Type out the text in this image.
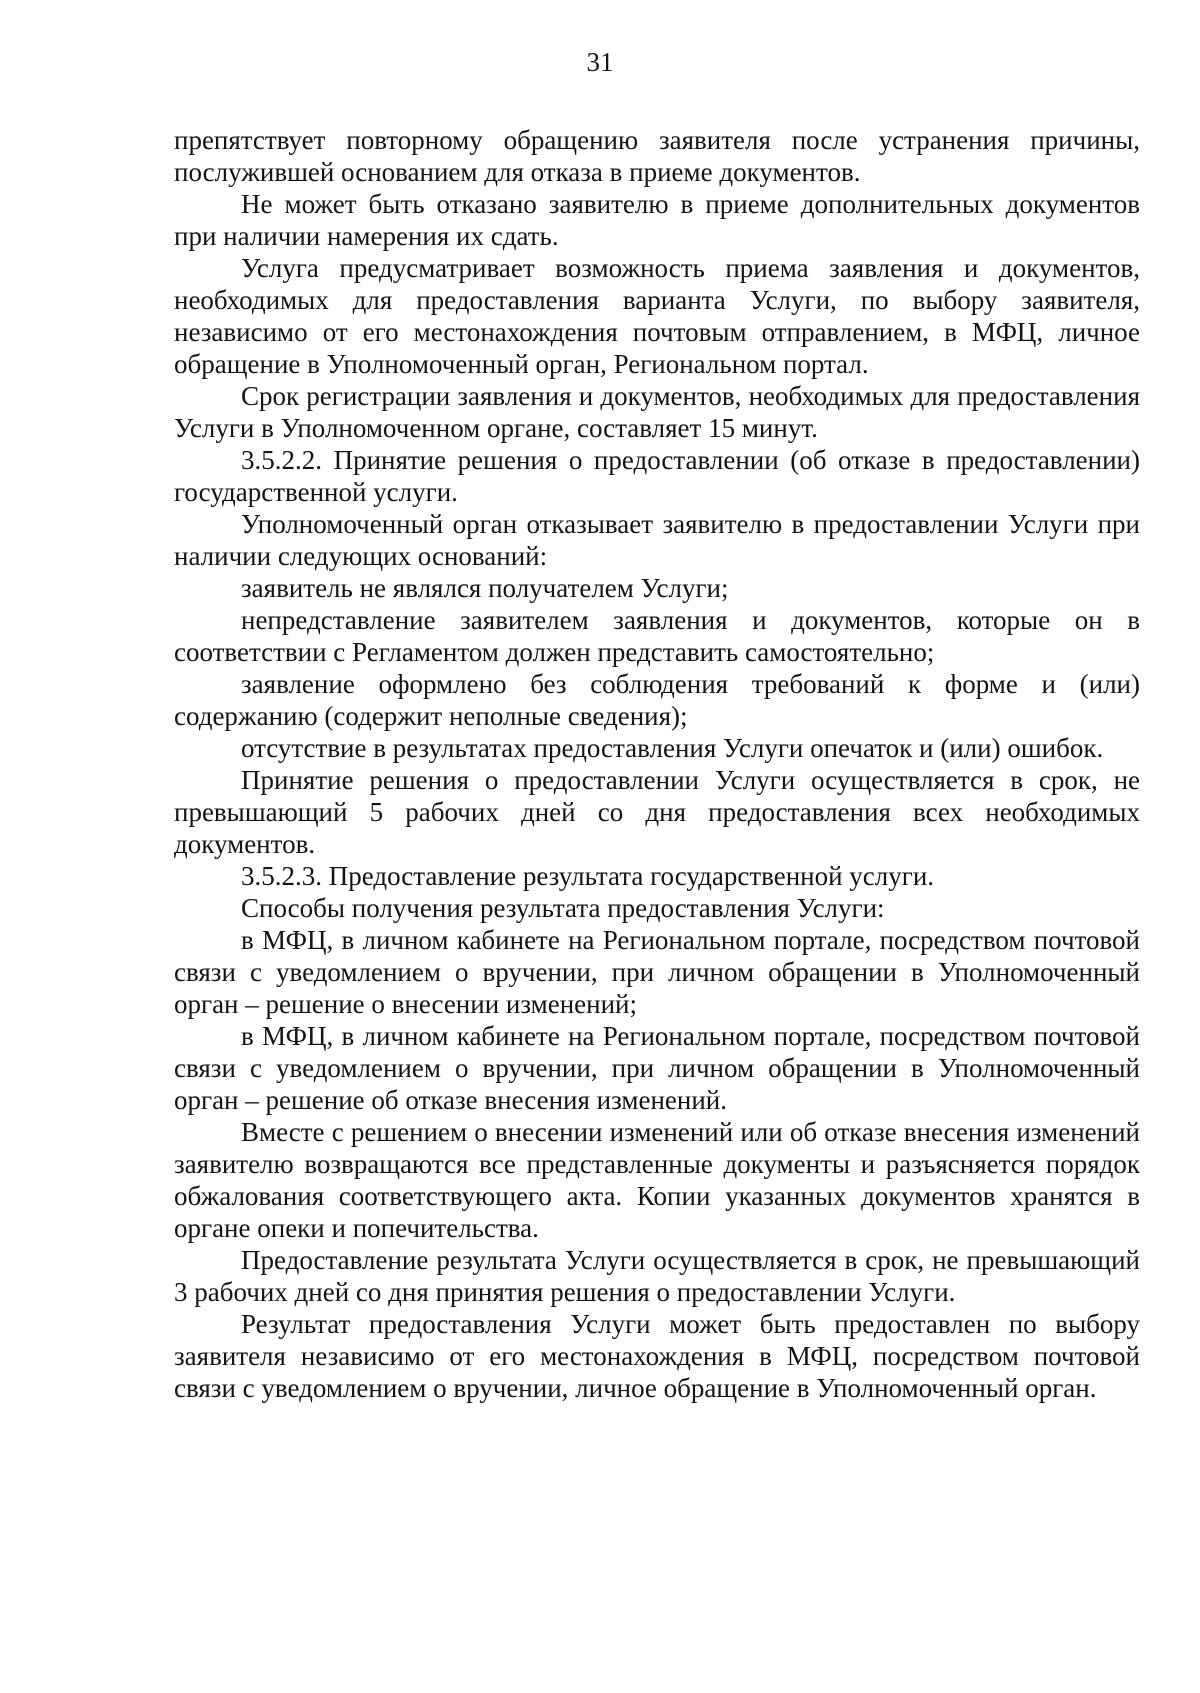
31

препятствует повторному обращению заявителя после устранения причины, послужившей основанием для отказа в приеме документов.

Не может быть отказано заявителю в приеме дополнительных документов при наличии намерения их сдать.

Услуга предусматривает возможность приема заявления и документов, необходимых для предоставления варианта Услуги, по выбору заявителя, независимо от его местонахождения почтовым отправлением, в МФЦ, личное обращение в Уполномоченный орган, Региональном портал.

Срок регистрации заявления и документов, необходимых для предоставления Услуги в Уполномоченном органе, составляет 15 минут.

3.5.2.2. Принятие решения о предоставлении (об отказе в предоставлении) государственной услуги.

Уполномоченный орган отказывает заявителю в предоставлении Услуги при наличии следующих оснований:

заявитель не являлся получателем Услуги;

непредставление заявителем заявления и документов, которые он в соответствии с Регламентом должен представить самостоятельно;

заявление оформлено без соблюдения требований к форме и (или) содержанию (содержит неполные сведения);

отсутствие в результатах предоставления Услуги опечаток и (или) ошибок.

Принятие решения о предоставлении Услуги осуществляется в срок, не превышающий 5 рабочих дней со дня предоставления всех необходимых документов.

3.5.2.3. Предоставление результата государственной услуги.

Способы получения результата предоставления Услуги:

в МФЦ, в личном кабинете на Региональном портале, посредством почтовой связи с уведомлением о вручении, при личном обращении в Уполномоченный орган – решение о внесении изменений;

в МФЦ, в личном кабинете на Региональном портале, посредством почтовой связи с уведомлением о вручении, при личном обращении в Уполномоченный орган – решение об отказе внесения изменений.

Вместе с решением о внесении изменений или об отказе внесения изменений заявителю возвращаются все представленные документы и разъясняется порядок обжалования соответствующего акта. Копии указанных документов хранятся в органе опеки и попечительства.

Предоставление результата Услуги осуществляется в срок, не превышающий 3 рабочих дней со дня принятия решения о предоставлении Услуги.

Результат предоставления Услуги может быть предоставлен по выбору заявителя независимо от его местонахождения в МФЦ, посредством почтовой связи с уведомлением о вручении, личное обращение в Уполномоченный орган.
